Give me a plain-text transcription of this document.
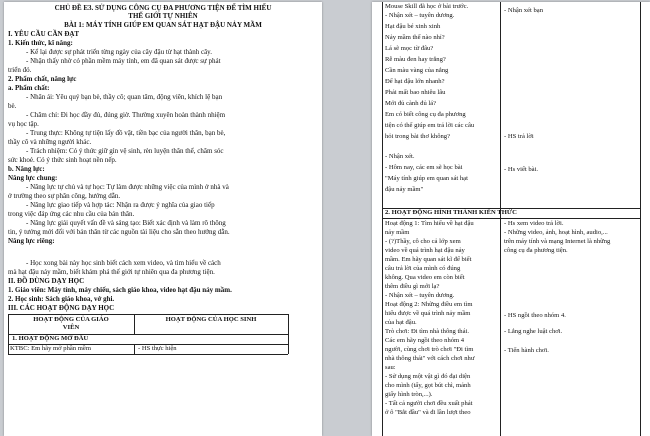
CHỦ ĐỀ E3. SỬ DỤNG CÔNG CỤ ĐA PHƯƠNG TIỆN ĐỂ TÌM HIỂU
THẾ GIỚI TỰ NHIÊN
BÀI 1: MÁY TÍNH GIÚP EM QUAN SÁT HẠT ĐẬU NẢY MẦM
I. YÊU CẦU CẦN ĐẠT
1. Kiến thức, kĩ năng:
- Kể lại được sự phát triển từng ngày của cây đậu từ hạt thành cây.
- Nhận thấy nhờ có phần mềm máy tính, em đã quan sát được sự phát
triển đó.
2. Phẩm chất, năng lực
a. Phẩm chất:
- Nhân ái: Yêu quý bạn bè, thầy cô; quan tâm, động viên, khích lệ bạn
bè.
- Chăm chỉ: Đi học đầy đủ, đúng giờ. Thường xuyên hoàn thành nhiệm
vụ học tập.
- Trung thực: Không tự tiện lấy đồ vật, tiền bạc của người thân, bạn bè,
thầy cô và những người khác.
- Trách nhiệm: Có ý thức giữ gìn vệ sinh, rèn luyện thân thể, chăm sóc
sức khoẻ. Có ý thức sinh hoạt nền nếp.
b. Năng lực:
Năng lực chung:
- Năng lực tự chủ và tự học: Tự làm được những việc của mình ở nhà và
ở trường theo sự phân công, hướng dẫn.
- Năng lực giao tiếp và hợp tác: Nhận ra được ý nghĩa của giao tiếp
trong việc đáp ứng các nhu cầu của bản thân.
- Năng lực giải quyết vấn đề và sáng tạo: Biết xác định và làm rõ thông
tin, ý tưởng mới đối với bản thân từ các nguồn tài liệu cho sẵn theo hướng dẫn.
Năng lực riêng:
- Học xong bài này học sinh biết cách xem video, và tìm hiểu về cách
mà hạt đậu nảy mầm, biết khám phá thế giới tự nhiên qua đa phương tiện.
II. ĐỒ DÙNG DẠY HỌC
1. Giáo viên: Máy tính, máy chiếu, sách giáo khoa, video hạt đậu nảy mầm.
2. Học sinh: Sách giáo khoa, vở ghi.
III. CÁC HOẠT ĐỘNG DẠY HỌC
HOẠT ĐỘNG CỦA GIÁO
VIÊN
HOẠT ĐỘNG CỦA HỌC SINH
1. HOẠT ĐỘNG MỞ ĐẦU
KTBC: Em hãy mở phần mềm	- HS thực hiện
Mouse Skill đã học ở bài trước.
- Nhận xét – tuyên dương.
Hạt đậu bé xinh xinh
Nảy mầm thế nào nhỉ?
Lá sẽ mọc từ đâu?
Rễ màu đen hay trắng?
Cần màu vàng của nắng
Để hạt đậu lớn nhanh?
Phải mất bao nhiêu lâu
Mới đủ cành đủ lá?
Em có biết công cụ đa phương
tiện có thể giúp em trả lời các câu
hỏi trong bài thơ không?
- Nhận xét.
- Hôm nay, các em sẽ học bài
"Máy tính giúp em quan sát hạt
đậu nảy mầm"
- Nhận xét bạn
- HS trả lời
- Hs viết bài.
2. HOẠT ĐỘNG HÌNH THÀNH KIẾN THỨC
Hoạt động 1: Tìm hiểu về hạt đậu
nảy mầm
- (?)Thầy, cô cho cả lớp xem
video về quá trình hạt đậu nảy
mầm. Em hãy quan sát kĩ để biết
câu trả lời của mình có đúng
không. Qua video em còn biết
thêm điều gì mới lạ?
- Nhận xét – tuyên dương.
Hoạt động 2: Những điều em tìm
hiểu được về quá trình nảy mầm
của hạt đậu.
Trò chơi: Đi tìm nhà thông thái.
Các em hãy ngồi theo nhóm 4
người, cùng chơi trò chơi "Đi tìm
nhà thông thái" với cách chơi như
sau:
- Sử dụng một vật gì đó đại diện
cho mình (tẩy, gọt bút chì, mảnh
giấy hình tròn,...).
- Tất cả người chơi đều xuất phát
ở ô "Bắt đầu" và đi lần lượt theo
- Hs xem video trả lời.
- Những video, ảnh, hoạt hình, audio,...
trên máy tính và mạng Internet là những
công cụ đa phương tiện.
- HS ngồi theo nhóm 4.
- Lắng nghe luật chơi.
- Tiến hành chơi.
